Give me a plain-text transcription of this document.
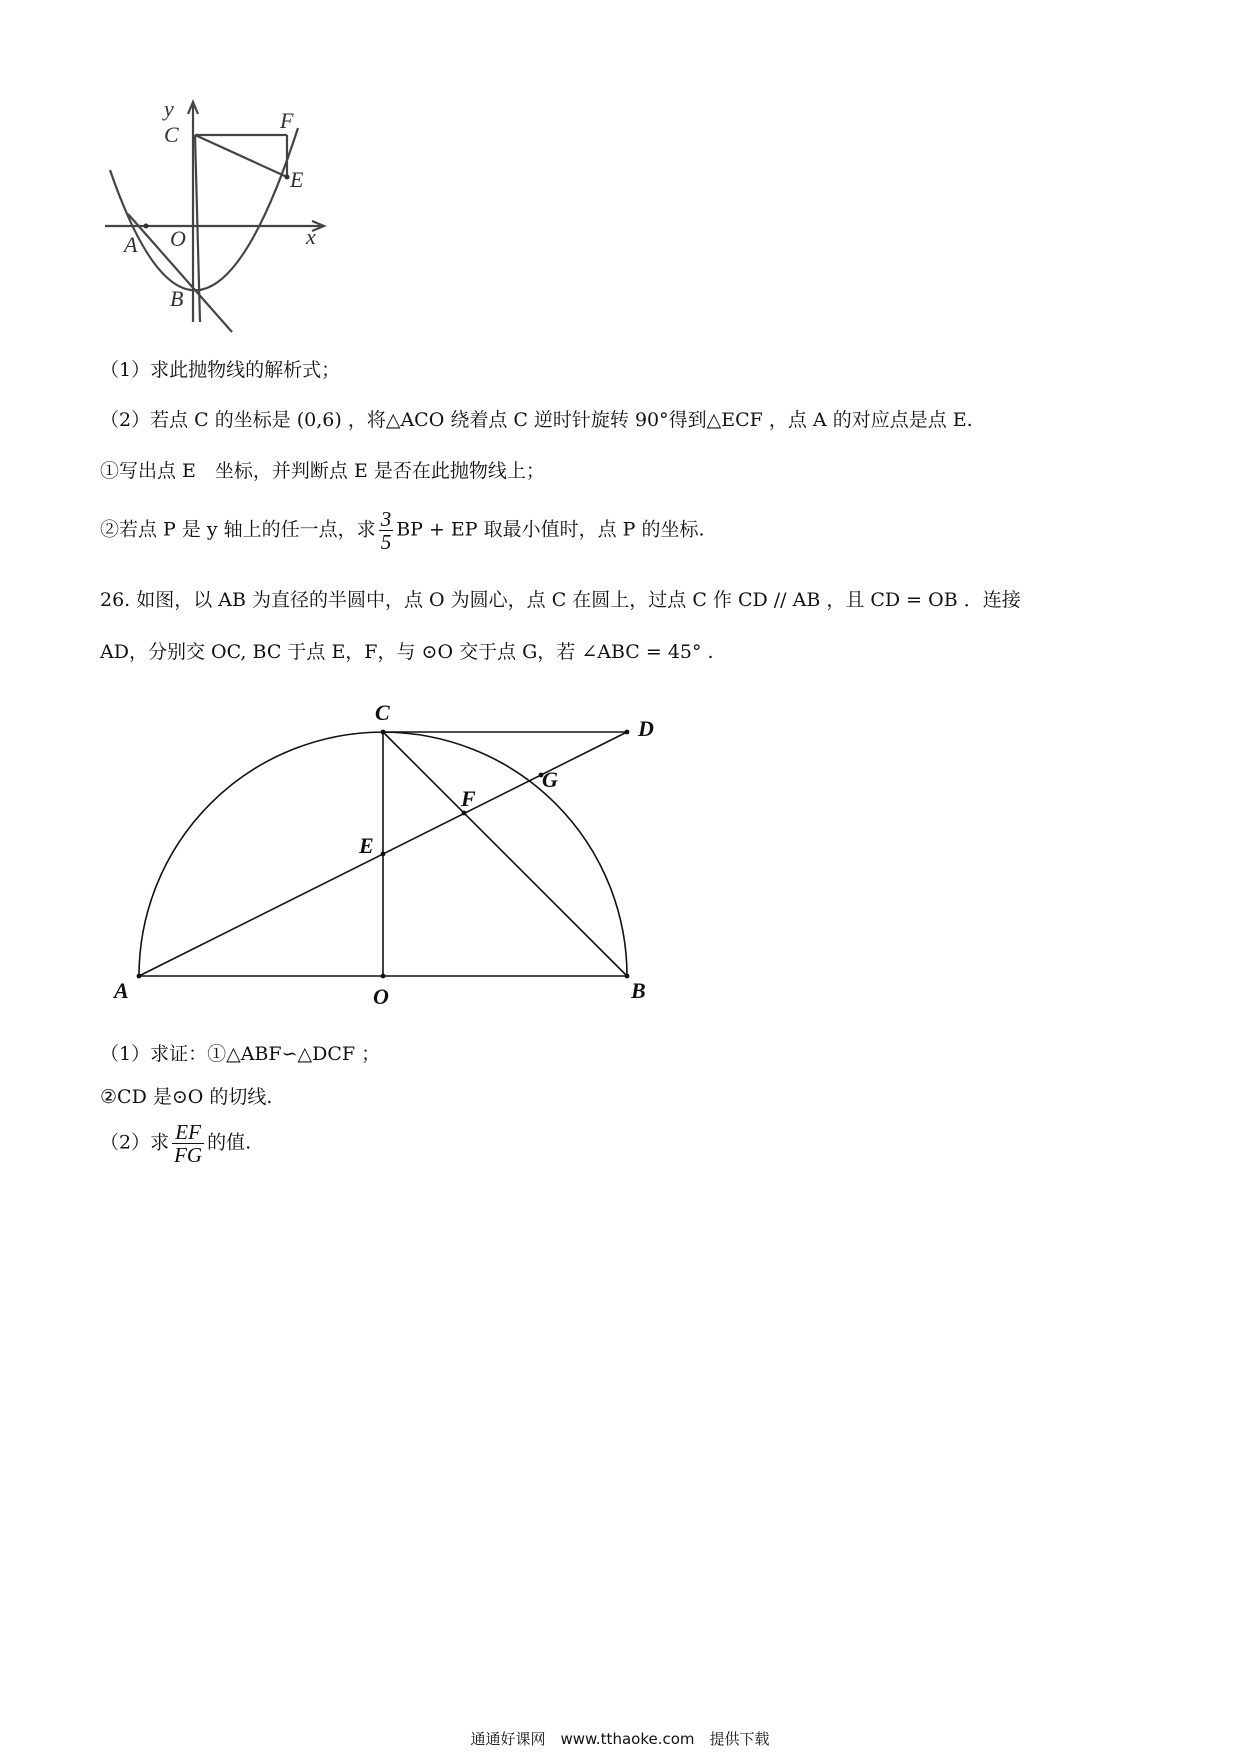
y
C
F
E
A O	x
B
（1）求此抛物线的解析式；
（2）若点 C 的坐标是 (0,6) ，将△ACO 绕着点 C 逆时针旋转 90°得到△ECF ，点 A 的对应点是点 E.
①写出点 E　坐标，并判断点 E 是否在此抛物线上；
②若点 P 是 y 轴上的任一点，求 $\frac{3}{5}$ BP + EP 取最小值时，点 P 的坐标.
26. 如图，以 AB 为直径的半圆中，点 O 为圆心，点 C 在圆上，过点 C 作 CD // AB ，且 CD = OB ．连接
AD，分别交 OC, BC 于点 E，F，与 ⊙O 交于点 G，若 ∠ABC = 45° .
C
D
G
F
E
A	O	B
（1）求证：①△ABF∽△DCF ；
②CD 是⊙O 的切线.
（2）求 $\frac{EF}{FG}$ 的值.
通通好课网　www.tthaoke.com　提供下载
